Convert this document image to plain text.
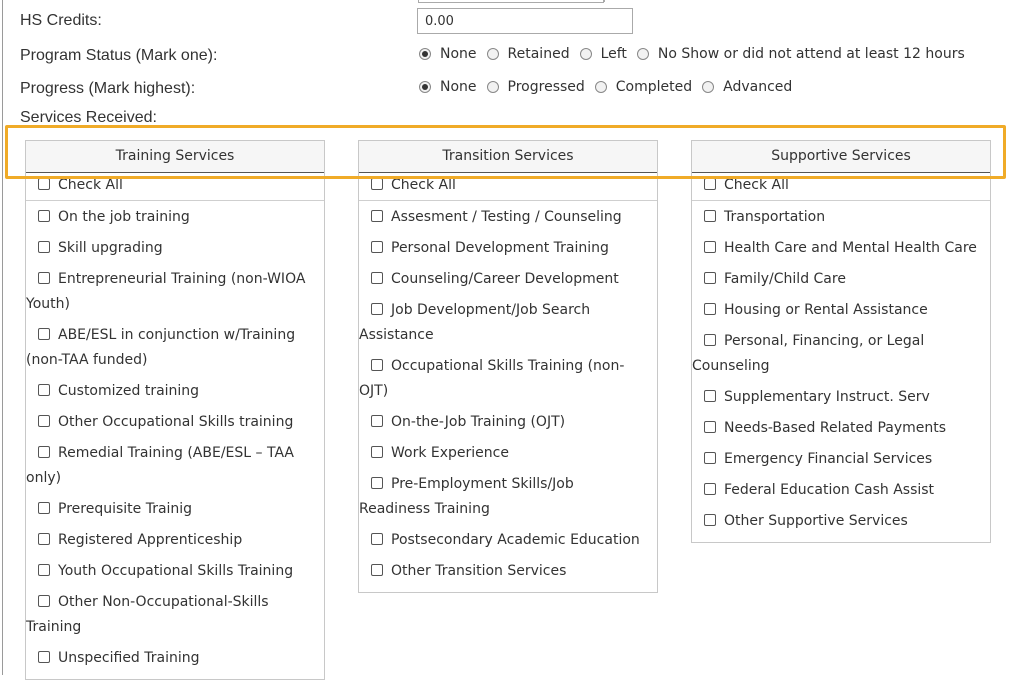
HS Credits:
0.00
Program Status (Mark one):	None Retained Left No Show or did not attend at least 12 hours
Progress (Mark highest):	None Progressed Completed Advanced
Services Received:
Training Services
Check All
On the job training
Skill upgrading
Entrepreneurial Training (non-WIOA Youth)
ABE/ESL in conjunction w/Training (non-TAA funded)
Customized training
Other Occupational Skills training
Remedial Training (ABE/ESL – TAA only)
Prerequisite Trainig
Registered Apprenticeship
Youth Occupational Skills Training
Other Non-Occupational-Skills Training
Unspecified Training
Transition Services
Check All
Assesment / Testing / Counseling
Personal Development Training
Counseling/Career Development
Job Development/Job Search Assistance
Occupational Skills Training (non-OJT)
On-the-Job Training (OJT)
Work Experience
Pre-Employment Skills/Job Readiness Training
Postsecondary Academic Education
Other Transition Services
Supportive Services
Check All
Transportation
Health Care and Mental Health Care
Family/Child Care
Housing or Rental Assistance
Personal, Financing, or Legal Counseling
Supplementary Instruct. Serv
Needs-Based Related Payments
Emergency Financial Services
Federal Education Cash Assist
Other Supportive Services
